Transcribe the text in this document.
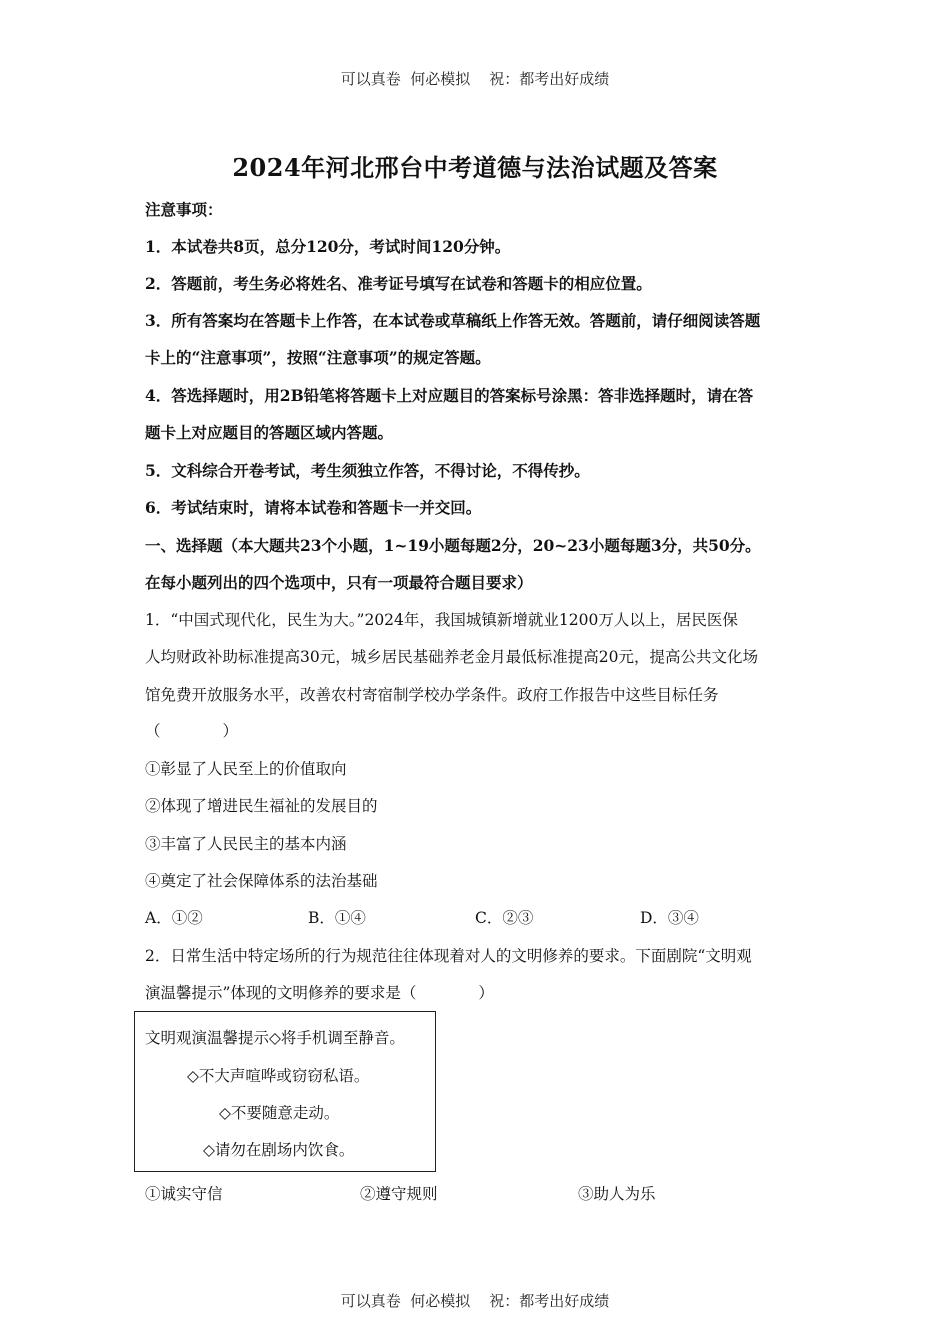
可以真卷  何必模拟    祝：都考出好成绩
2024年河北邢台中考道德与法治试题及答案
注意事项：
1．本试卷共8页，总分120分，考试时间120分钟。
2．答题前，考生务必将姓名、准考证号填写在试卷和答题卡的相应位置。
3．所有答案均在答题卡上作答，在本试卷或草稿纸上作答无效。答题前，请仔细阅读答题
卡上的“注意事项”，按照“注意事项”的规定答题。
4．答选择题时，用2B铅笔将答题卡上对应题目的答案标号涂黑：答非选择题时，请在答
题卡上对应题目的答题区域内答题。
5．文科综合开卷考试，考生须独立作答，不得讨论，不得传抄。
6．考试结束时，请将本试卷和答题卡一并交回。
一、选择题（本大题共23个小题，1~19小题每题2分，20~23小题每题3分，共50分。
在每小题列出的四个选项中，只有一项最符合题目要求）
1．“中国式现代化，民生为大。”2024年，我国城镇新增就业1200万人以上，居民医保
人均财政补助标准提高30元，城乡居民基础养老金月最低标准提高20元，提高公共文化场
馆免费开放服务水平，改善农村寄宿制学校办学条件。政府工作报告中这些目标任务
（　　　　）
①彰显了人民至上的价值取向
②体现了增进民生福祉的发展目的
③丰富了人民民主的基本内涵
④奠定了社会保障体系的法治基础
A．①②	B．①④	C．②③	D．③④
2．日常生活中特定场所的行为规范往往体现着对人的文明修养的要求。下面剧院“文明观
演温馨提示”体现的文明修养的要求是（　　　　）
文明观演温馨提示◇将手机调至静音。
◇不大声喧哗或窃窃私语。
◇不要随意走动。
◇请勿在剧场内饮食。
①诚实守信	②遵守规则	③助人为乐
可以真卷  何必模拟    祝：都考出好成绩
